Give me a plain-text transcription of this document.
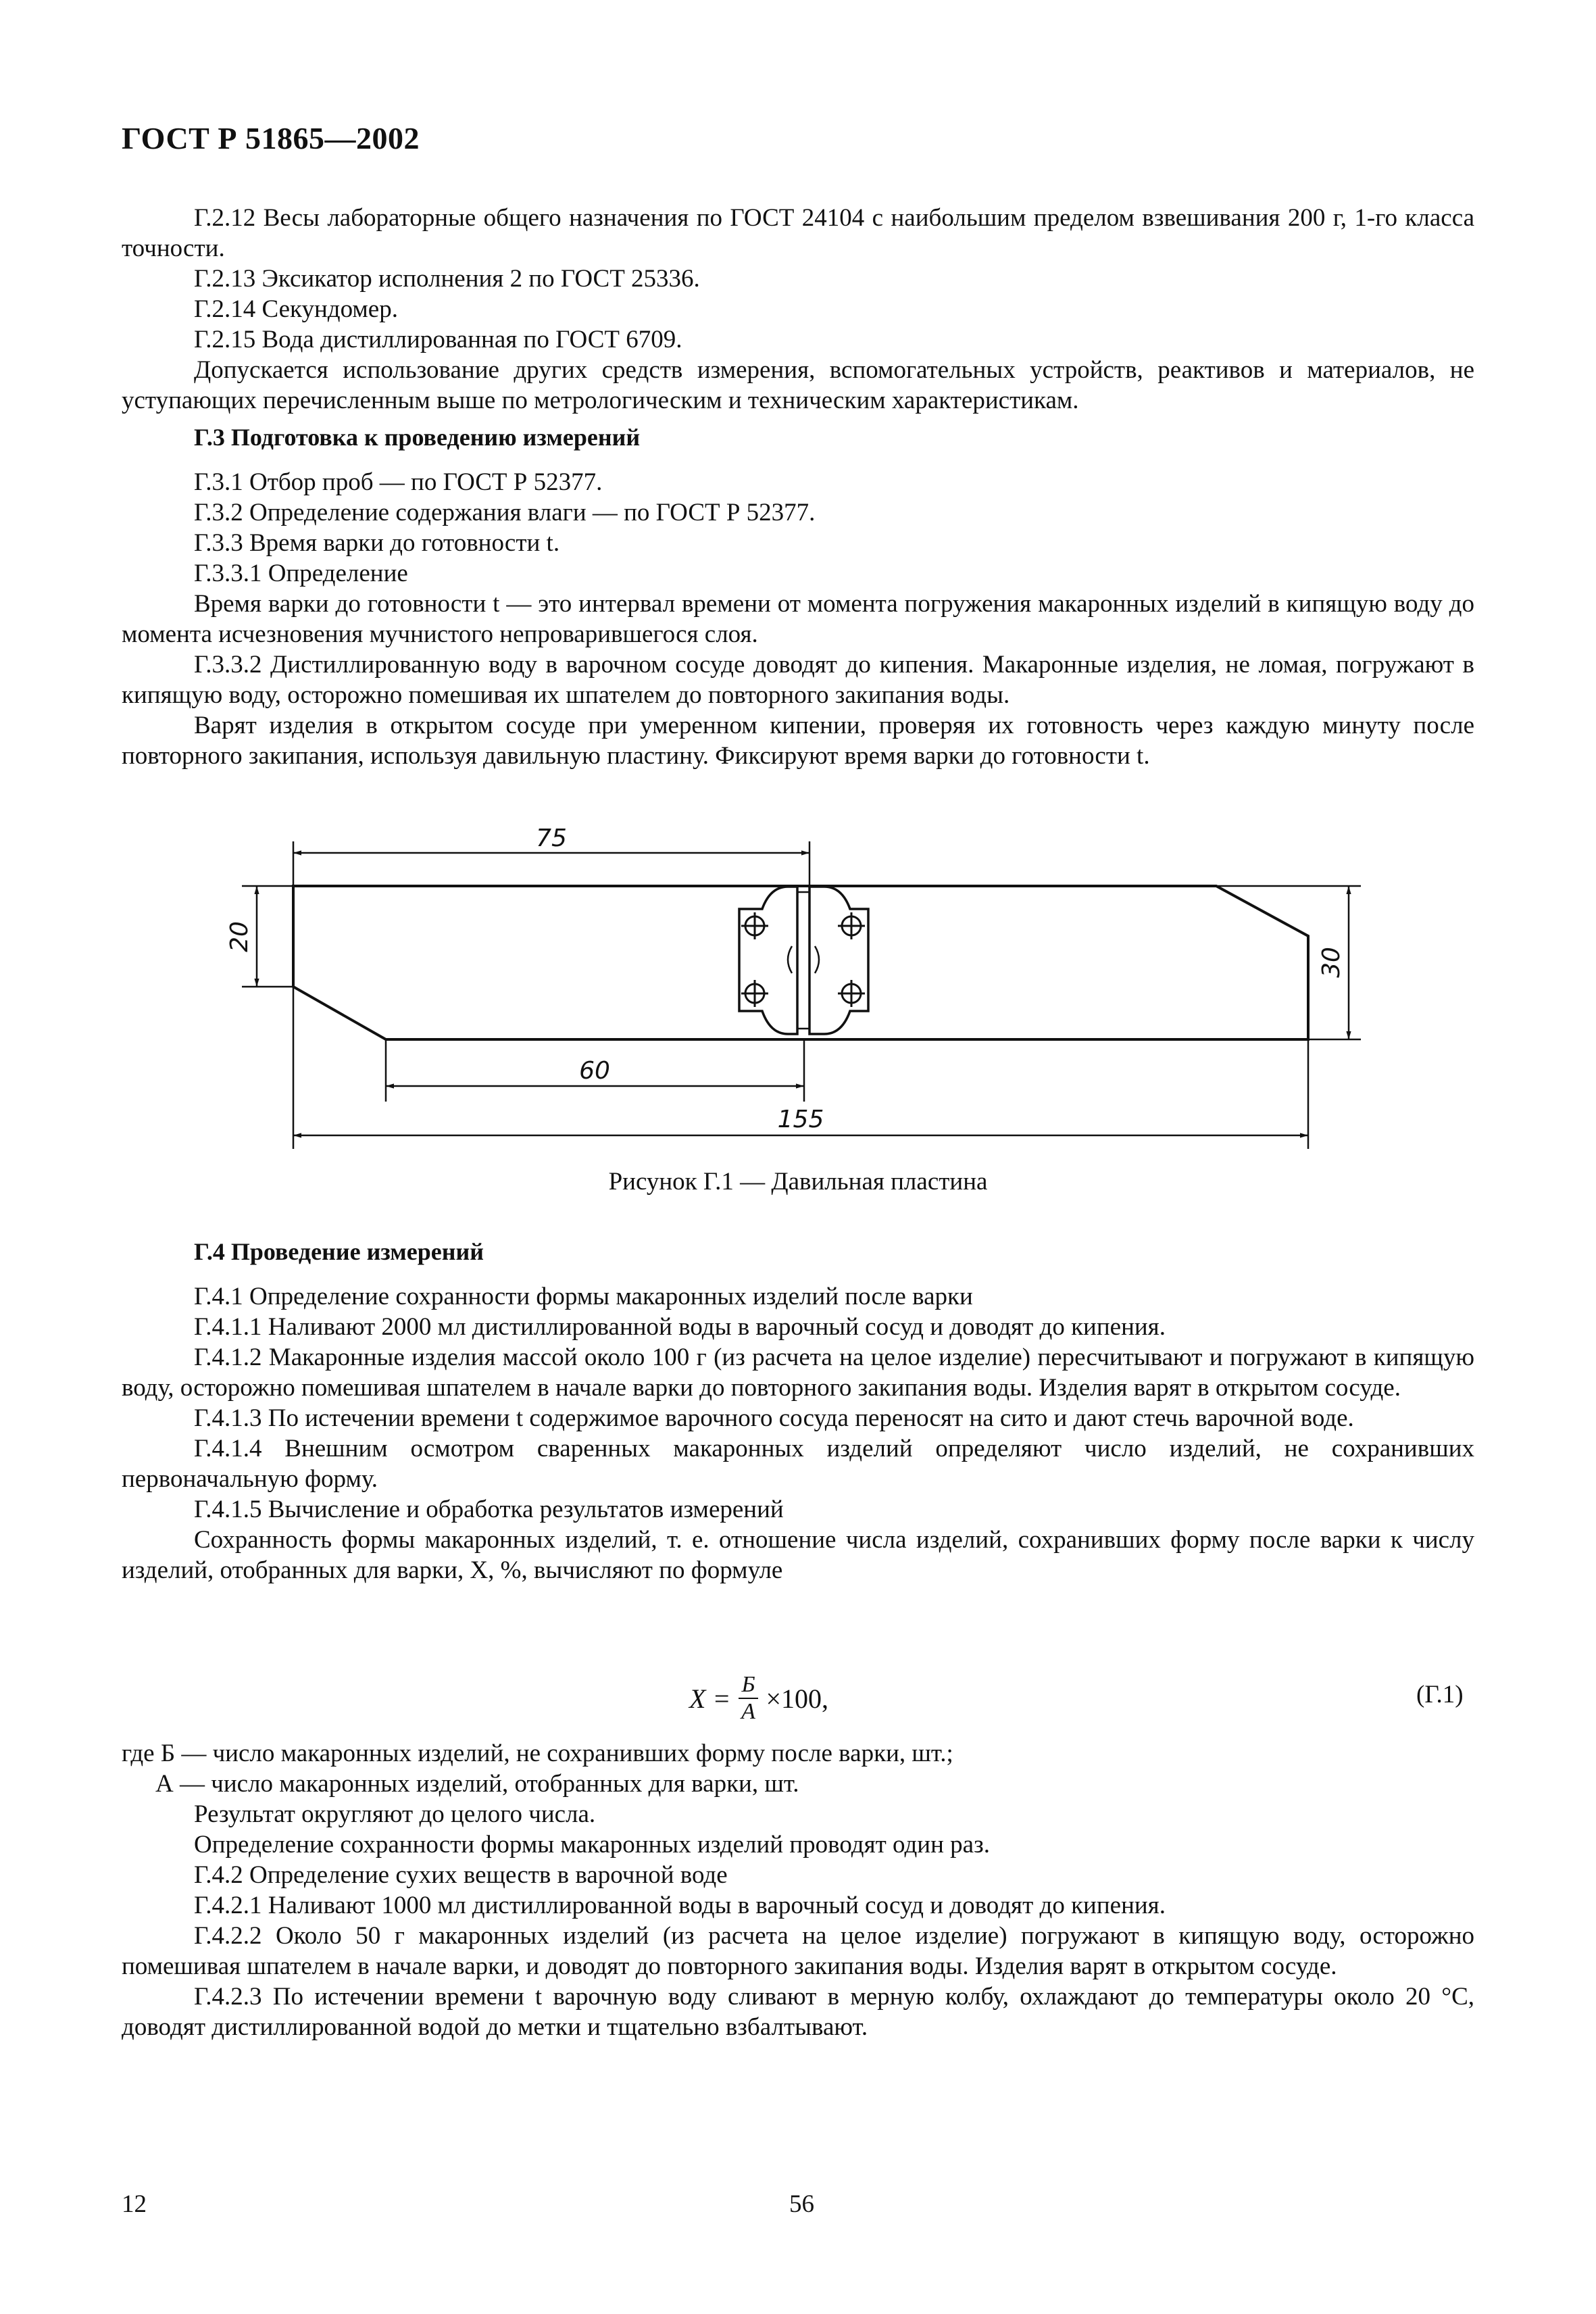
ГОСТ Р 51865—2002

Г.2.12 Весы лабораторные общего назначения по ГОСТ 24104 с наибольшим пределом взвешивания 200 г, 1-го класса точности.

Г.2.13 Эксикатор исполнения 2 по ГОСТ 25336.

Г.2.14 Секундомер.

Г.2.15 Вода дистиллированная по ГОСТ 6709.

Допускается использование других средств измерения, вспомогательных устройств, реактивов и материалов, не уступающих перечисленным выше по метрологическим и техническим характеристикам.

Г.3 Подготовка к проведению измерений

Г.3.1 Отбор проб — по ГОСТ Р 52377.

Г.3.2 Определение содержания влаги — по ГОСТ Р 52377.

Г.3.3 Время варки до готовности t.

Г.3.3.1 Определение

Время варки до готовности t — это интервал времени от момента погружения макаронных изделий в кипящую воду до момента исчезновения мучнистого непроварившегося слоя.

Г.3.3.2 Дистиллированную воду в варочном сосуде доводят до кипения. Макаронные изделия, не ломая, погружают в кипящую воду, осторожно помешивая их шпателем до повторного закипания воды.

Варят изделия в открытом сосуде при умеренном кипении, проверяя их готовность через каждую минуту после повторного закипания, используя давильную пластину. Фиксируют время варки до готовности t.

75
20
30
60
155
Рисунок Г.1 — Давильная пластина

Г.4 Проведение измерений

Г.4.1 Определение сохранности формы макаронных изделий после варки

Г.4.1.1 Наливают 2000 мл дистиллированной воды в варочный сосуд и доводят до кипения.

Г.4.1.2 Макаронные изделия массой около 100 г (из расчета на целое изделие) пересчитывают и погружают в кипящую воду, осторожно помешивая шпателем в начале варки до повторного закипания воды. Изделия варят в открытом сосуде.

Г.4.1.3 По истечении времени t содержимое варочного сосуда переносят на сито и дают стечь варочной воде.

Г.4.1.4 Внешним осмотром сваренных макаронных изделий определяют число изделий, не сохранивших первоначальную форму.

Г.4.1.5 Вычисление и обработка результатов измерений

Сохранность формы макаронных изделий, т. е. отношение числа изделий, сохранивших форму после варки к числу изделий, отобранных для варки, X, %, вычисляют по формуле

$X = \frac{Б}{А} \times 100$,	(Г.1)

где Б — число макаронных изделий, не сохранивших форму после варки, шт.;

А — число макаронных изделий, отобранных для варки, шт.

Результат округляют до целого числа.

Определение сохранности формы макаронных изделий проводят один раз.

Г.4.2 Определение сухих веществ в варочной воде

Г.4.2.1 Наливают 1000 мл дистиллированной воды в варочный сосуд и доводят до кипения.

Г.4.2.2 Около 50 г макаронных изделий (из расчета на целое изделие) погружают в кипящую воду, осторожно помешивая шпателем в начале варки, и доводят до повторного закипания воды. Изделия варят в открытом сосуде.

Г.4.2.3 По истечении времени t варочную воду сливают в мерную колбу, охлаждают до температуры около 20 °С, доводят дистиллированной водой до метки и тщательно взбалтывают.

12	56
